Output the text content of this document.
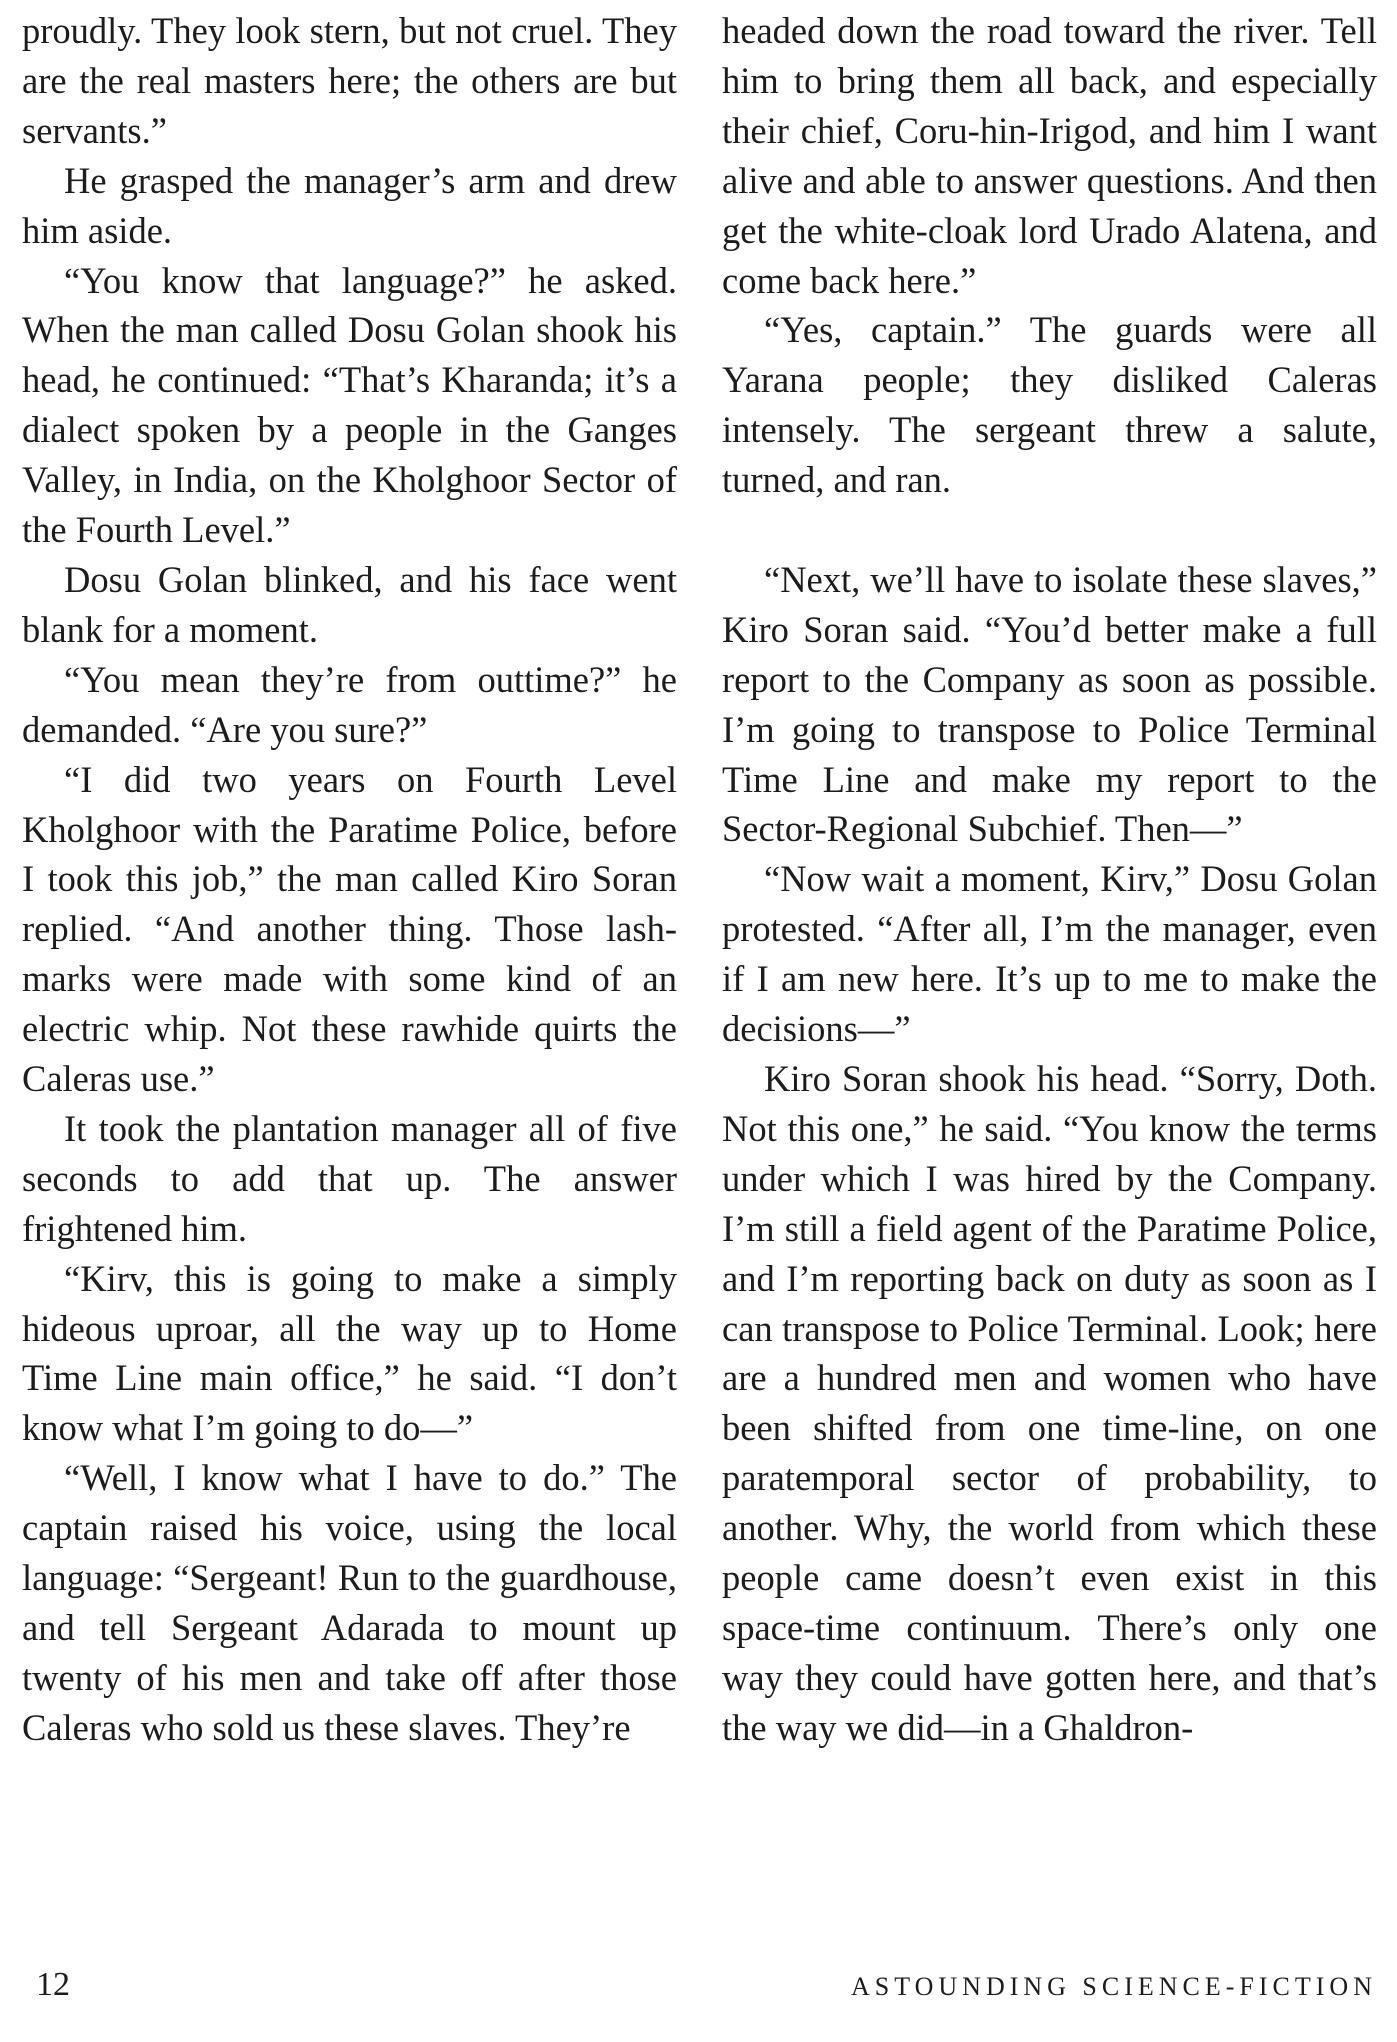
proudly. They look stern, but not cruel. They are the real masters here; the others are but servants.”

He grasped the manager’s arm and drew him aside.

“You know that language?” he asked. When the man called Dosu Golan shook his head, he continued: “That’s Kharanda; it’s a dialect spoken by a people in the Ganges Valley, in India, on the Kholghoor Sector of the Fourth Level.”

Dosu Golan blinked, and his face went blank for a moment.

“You mean they’re from outtime?” he demanded. “Are you sure?”

“I did two years on Fourth Level Kholghoor with the Paratime Police, before I took this job,” the man called Kiro Soran replied. “And another thing. Those lash-marks were made with some kind of an electric whip. Not these rawhide quirts the Caleras use.”

It took the plantation manager all of five seconds to add that up. The answer frightened him.

“Kirv, this is going to make a simply hideous uproar, all the way up to Home Time Line main office,” he said. “I don’t know what I’m going to do—”

“Well, I know what I have to do.” The captain raised his voice, using the local language: “Sergeant! Run to the guardhouse, and tell Sergeant Adarada to mount up twenty of his men and take off after those Caleras who sold us these slaves. They’re

headed down the road toward the river. Tell him to bring them all back, and especially their chief, Coru-hin-Irigod, and him I want alive and able to answer questions. And then get the white-cloak lord Urado Alatena, and come back here.”

“Yes, captain.” The guards were all Yarana people; they disliked Caleras intensely. The sergeant threw a salute, turned, and ran.

“Next, we’ll have to isolate these slaves,” Kiro Soran said. “You’d better make a full report to the Company as soon as possible. I’m going to transpose to Police Terminal Time Line and make my report to the Sector-Regional Subchief. Then—”

“Now wait a moment, Kirv,” Dosu Golan protested. “After all, I’m the manager, even if I am new here. It’s up to me to make the decisions—”

Kiro Soran shook his head. “Sorry, Doth. Not this one,” he said. “You know the terms under which I was hired by the Company. I’m still a field agent of the Paratime Police, and I’m reporting back on duty as soon as I can transpose to Police Terminal. Look; here are a hundred men and women who have been shifted from one time-line, on one paratemporal sector of probability, to another. Why, the world from which these people came doesn’t even exist in this space-time continuum. There’s only one way they could have gotten here, and that’s the way we did—in a Ghaldron-

12	ASTOUNDING SCIENCE-FICTION
